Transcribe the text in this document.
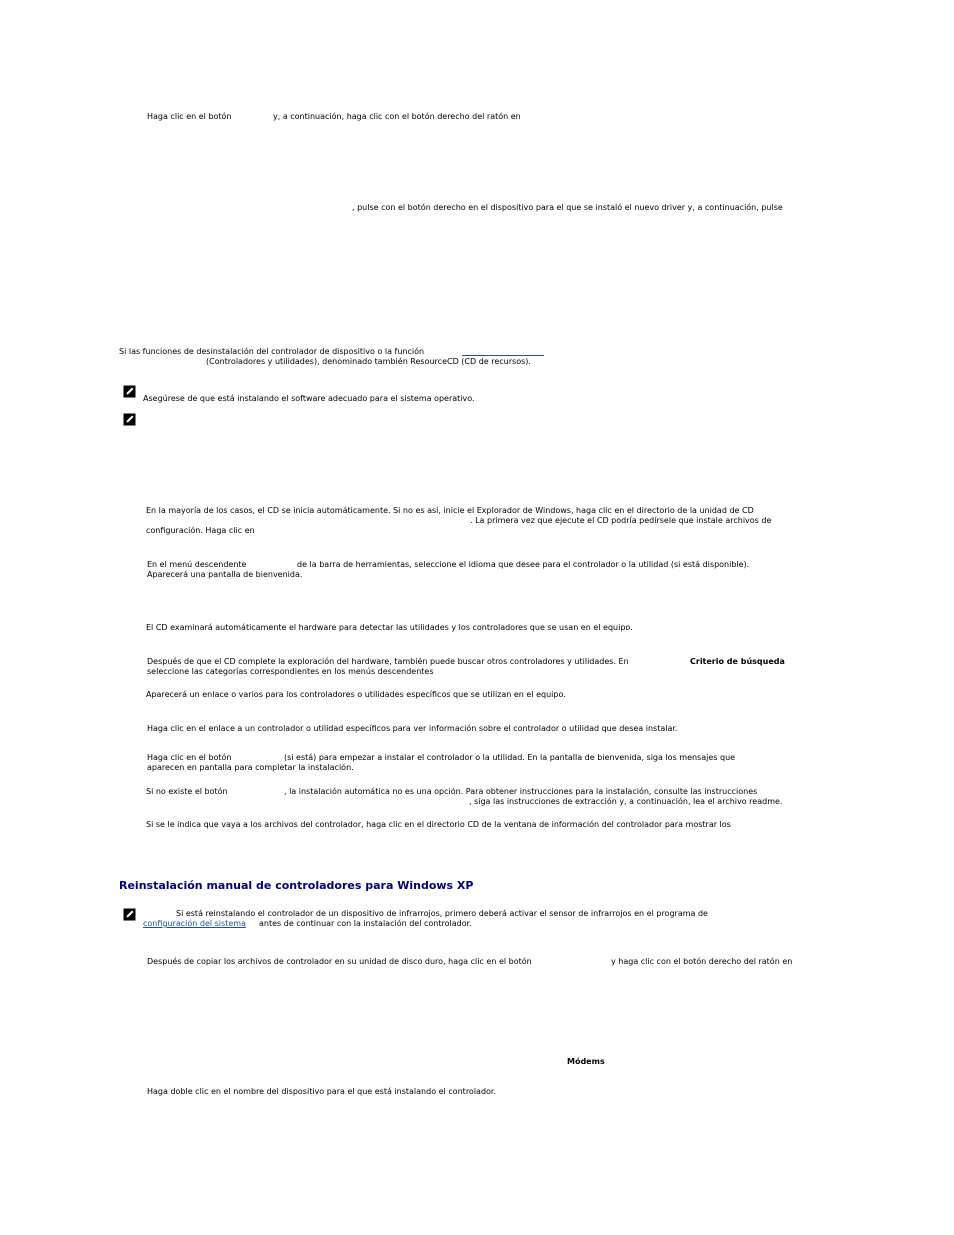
Haga clic en el botón	y, a continuación, haga clic con el botón derecho del ratón en
, pulse con el botón derecho en el dispositivo para el que se instaló el nuevo driver y, a continuación, pulse
Si las funciones de desinstalación del controlador de dispositivo o la función
(Controladores y utilidades), denominado también ResourceCD (CD de recursos).
Asegúrese de que está instalando el software adecuado para el sistema operativo.
En la mayoría de los casos, el CD se inicia automáticamente. Si no es así, inicie el Explorador de Windows, haga clic en el directorio de la unidad de CD
. La primera vez que ejecute el CD podría pedírsele que instale archivos de
configuración. Haga clic en
En el menú descendente	de la barra de herramientas, seleccione el idioma que desee para el controlador o la utilidad (si está disponible).
Aparecerá una pantalla de bienvenida.
El CD examinará automáticamente el hardware para detectar las utilidades y los controladores que se usan en el equipo.
Después de que el CD complete la exploración del hardware, también puede buscar otros controladores y utilidades. En	Criterio de búsqueda
seleccione las categorías correspondientes en los menús descendentes
Aparecerá un enlace o varios para los controladores o utilidades específicos que se utilizan en el equipo.
Haga clic en el enlace a un controlador o utilidad específicos para ver información sobre el controlador o utilidad que desea instalar.
Haga clic en el botón	(si está) para empezar a instalar el controlador o la utilidad. En la pantalla de bienvenida, siga los mensajes que
aparecen en pantalla para completar la instalación.
Si no existe el botón	, la instalación automática no es una opción. Para obtener instrucciones para la instalación, consulte las instrucciones
, siga las instrucciones de extracción y, a continuación, lea el archivo readme.
Si se le indica que vaya a los archivos del controlador, haga clic en el directorio CD de la ventana de información del controlador para mostrar los
Reinstalación manual de controladores para Windows XP
Si está reinstalando el controlador de un dispositivo de infrarrojos, primero deberá activar el sensor de infrarrojos en el programa de
configuración del sistema antes de continuar con la instalación del controlador.
Después de copiar los archivos de controlador en su unidad de disco duro, haga clic en el botón	y haga clic con el botón derecho del ratón en
Módems
Haga doble clic en el nombre del dispositivo para el que está instalando el controlador.
